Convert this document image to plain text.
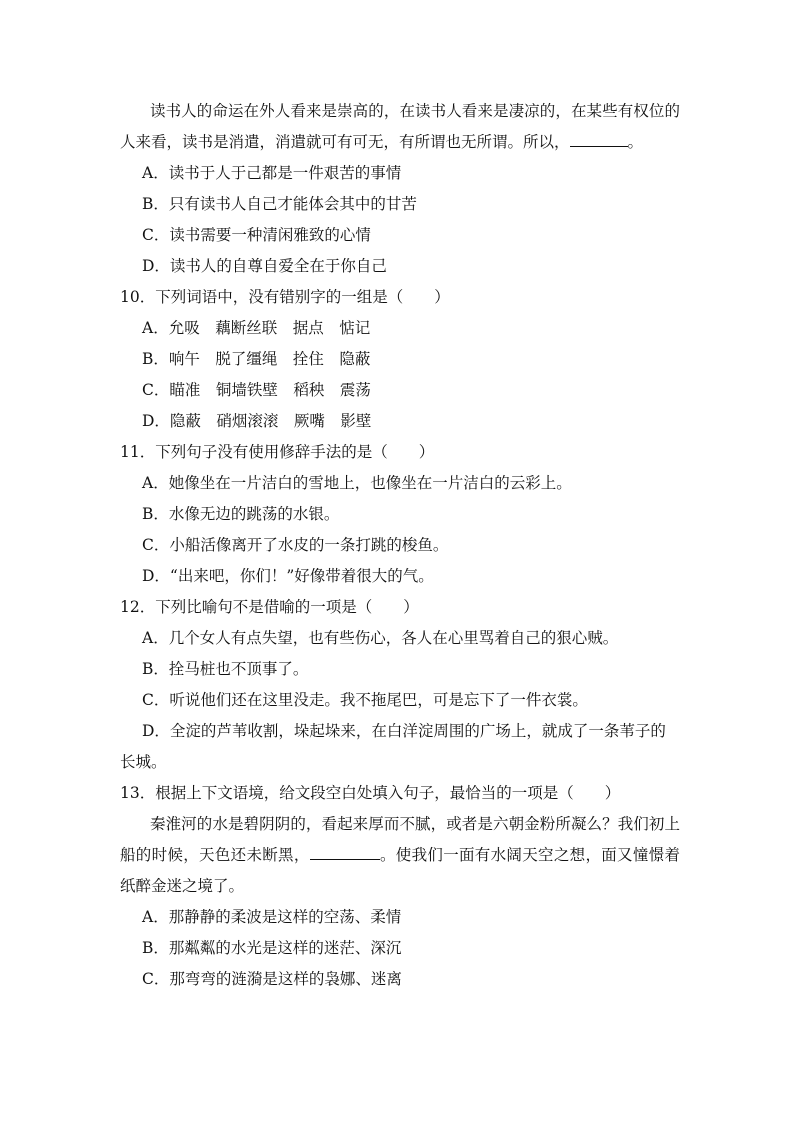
读书人的命运在外人看来是崇高的，在读书人看来是凄凉的，在某些有权位的人来看，读书是消遣，消遣就可有可无，有所谓也无所谓。所以，	。

A．读书于人于己都是一件艰苦的事情

B．只有读书人自己才能体会其中的甘苦

C．读书需要一种清闲雅致的心情

D．读书人的自尊自爱全在于你自己

10．下列词语中，没有错别字的一组是（　　）

A．允吸　藕断丝联　据点　惦记

B．响午　脱了缰绳　拴住　隐蔽

C．瞄准　铜墙铁壁　稻秧　震荡

D．隐蔽　硝烟滚滚　厥嘴　影壁

11．下列句子没有使用修辞手法的是（　　）

A．她像坐在一片洁白的雪地上，也像坐在一片洁白的云彩上。

B．水像无边的跳荡的水银。

C．小船活像离开了水皮的一条打跳的梭鱼。

D．“出来吧，你们！”好像带着很大的气。

12．下列比喻句不是借喻的一项是（　　）

A．几个女人有点失望，也有些伤心，各人在心里骂着自己的狠心贼。

B．拴马桩也不顶事了。

C．听说他们还在这里没走。我不拖尾巴，可是忘下了一件衣裳。

D．全淀的芦苇收割，垛起垛来，在白洋淀周围的广场上，就成了一条苇子的

长城。

13．根据上下文语境，给文段空白处填入句子，最恰当的一项是（　　）

秦淮河的水是碧阴阴的，看起来厚而不腻，或者是六朝金粉所凝么？我们初上船的时候，天色还未断黑，	。使我们一面有水阔天空之想，面又憧憬着纸醉金迷之境了。

A．那静静的柔波是这样的空荡、柔情

B．那粼粼的水光是这样的迷茫、深沉

C．那弯弯的涟漪是这样的袅娜、迷离
